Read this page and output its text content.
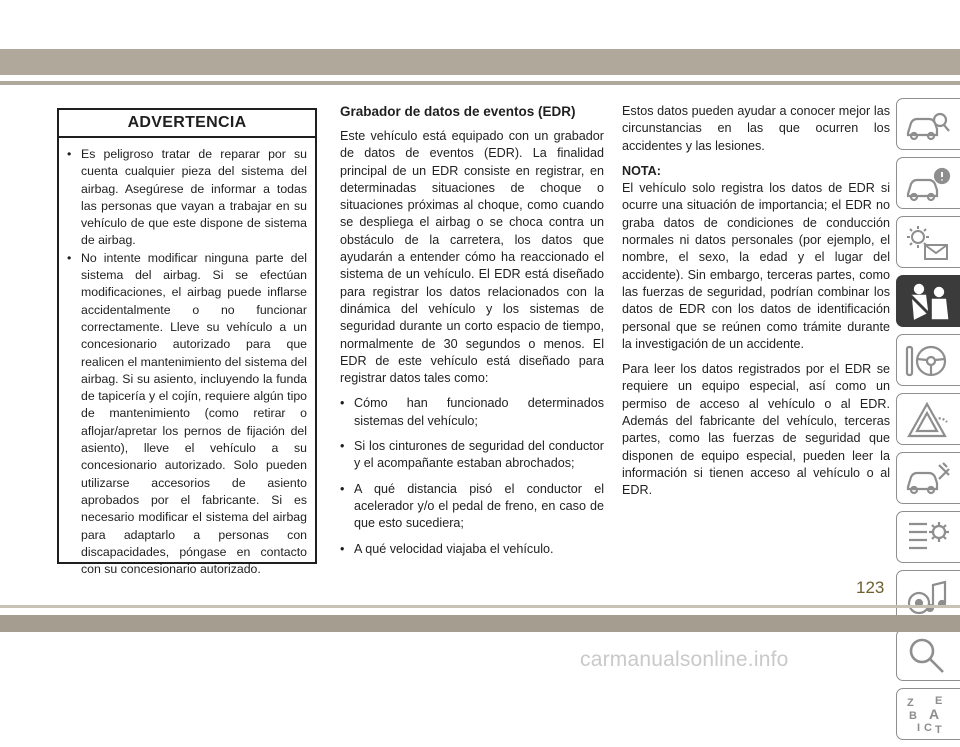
ADVERTENCIA
• Es peligroso tratar de reparar por su cuenta cualquier pieza del sistema del airbag. Asegúrese de informar a todas las personas que vayan a trabajar en su vehículo de que este dispone de sistema de airbag.
• No intente modificar ninguna parte del sistema del airbag. Si se efectúan modificaciones, el airbag puede inflarse accidentalmente o no funcionar correctamente. Lleve su vehículo a un concesionario autorizado para que realicen el mantenimiento del sistema del airbag. Si su asiento, incluyendo la funda de tapicería y el cojín, requiere algún tipo de mantenimiento (como retirar o aflojar/apretar los pernos de fijación del asiento), lleve el vehículo a su concesionario autorizado. Solo pueden utilizarse accesorios de asiento aprobados por el fabricante. Si es necesario modificar el sistema del airbag para adaptarlo a personas con discapacidades, póngase en contacto con su concesionario autorizado.
Grabador de datos de eventos (EDR)

Este vehículo está equipado con un grabador de datos de eventos (EDR). La finalidad principal de un EDR consiste en registrar, en determinadas situaciones de choque o situaciones próximas al choque, como cuando se despliega el airbag o se choca contra un obstáculo de la carretera, los datos que ayudarán a entender cómo ha reaccionado el sistema de un vehículo. El EDR está diseñado para registrar los datos relacionados con la dinámica del vehículo y los sistemas de seguridad durante un corto espacio de tiempo, normalmente de 30 segundos o menos. El EDR de este vehículo está diseñado para registrar datos tales como:

• Cómo han funcionado determinados sistemas del vehículo;
• Si los cinturones de seguridad del conductor y el acompañante estaban abrochados;
• A qué distancia pisó el conductor el acelerador y/o el pedal de freno, en caso de que esto sucediera;
• A qué velocidad viajaba el vehículo.

Estos datos pueden ayudar a conocer mejor las circunstancias en las que ocurren los accidentes y las lesiones.

NOTA:

El vehículo solo registra los datos de EDR si ocurre una situación de importancia; el EDR no graba datos de condiciones de conducción normales ni datos personales (por ejemplo, el nombre, el sexo, la edad y el lugar del accidente). Sin embargo, terceras partes, como las fuerzas de seguridad, podrían combinar los datos de EDR con los datos de identificación personal que se reúnen como trámite durante la investigación de un accidente.

Para leer los datos registrados por el EDR se requiere un equipo especial, así como un permiso de acceso al vehículo o al EDR. Además del fabricante del vehículo, terceras partes, como las fuerzas de seguridad que disponen de equipo especial, pueden leer la información si tienen acceso al vehículo o al EDR.

Z E
B A
I C T
123
carmanualsonline.info
